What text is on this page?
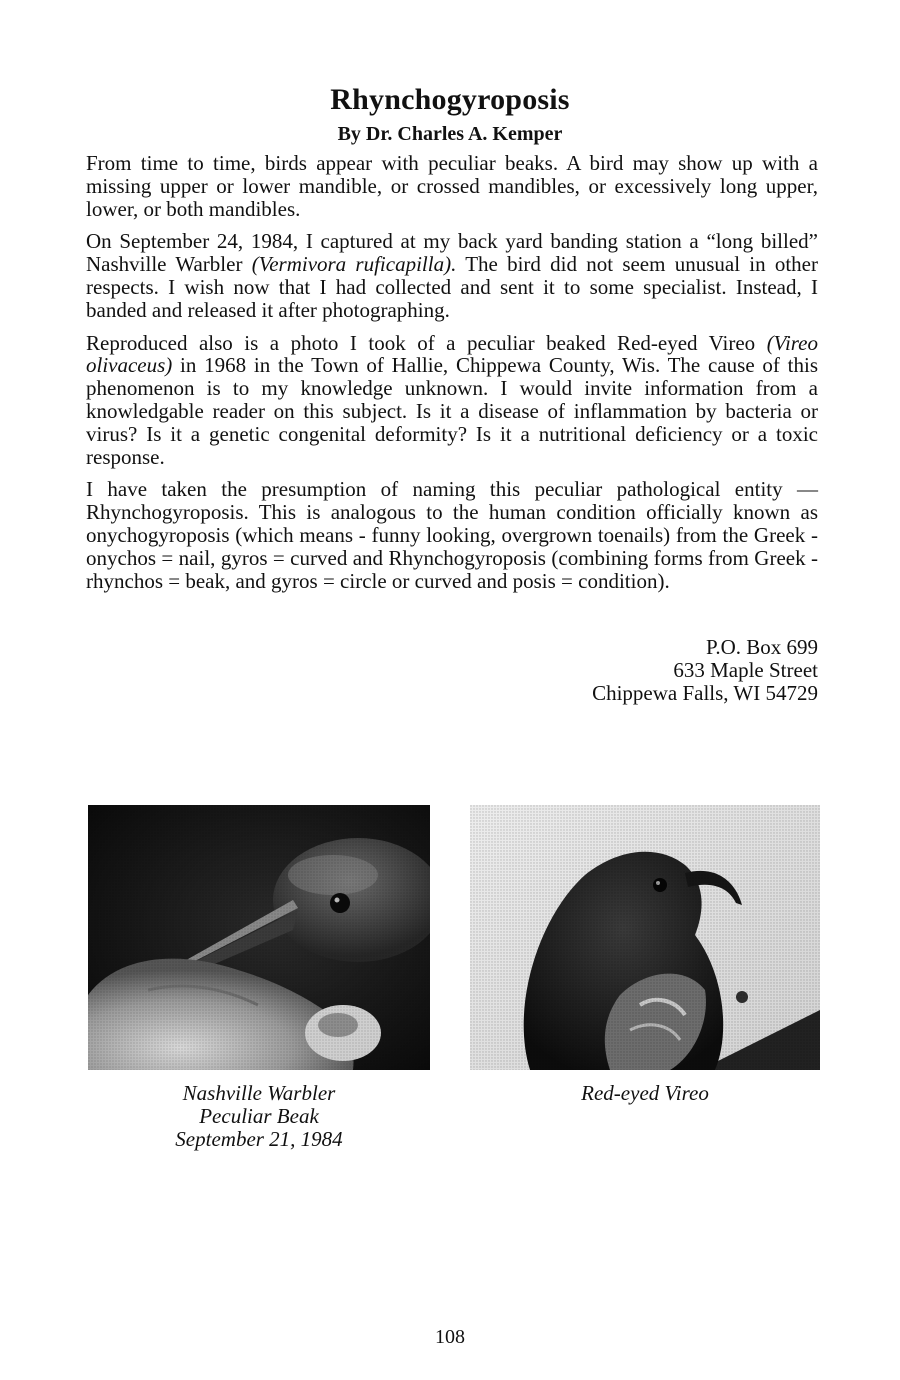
Rhynchogyroposis
By Dr. Charles A. Kemper

From time to time, birds appear with peculiar beaks. A bird may show up with a missing upper or lower mandible, or crossed mandibles, or excessively long upper, lower, or both mandibles.

On September 24, 1984, I captured at my back yard banding station a “long billed” Nashville Warbler (Vermivora ruficapilla). The bird did not seem unusual in other respects. I wish now that I had collected and sent it to some specialist. Instead, I banded and released it after photographing.

Reproduced also is a photo I took of a peculiar beaked Red-eyed Vireo (Vireo olivaceus) in 1968 in the Town of Hallie, Chippewa County, Wis. The cause of this phenomenon is to my knowledge unknown. I would invite information from a knowledgable reader on this subject. Is it a disease of inflammation by bacteria or virus? Is it a genetic congenital deformity? Is it a nutritional deficiency or a toxic response.

I have taken the presumption of naming this peculiar pathological entity — Rhynchogyroposis. This is analogous to the human condition officially known as onychogyroposis (which means - funny looking, overgrown toenails) from the Greek - onychos = nail, gyros = curved and Rhynchogyroposis (combining forms from Greek - rhynchos = beak, and gyros = circle or curved and posis = condition).

P.O. Box 699
633 Maple Street
Chippewa Falls, WI 54729
Nashville Warbler
Peculiar Beak
September 21, 1984
Red-eyed Vireo
108
